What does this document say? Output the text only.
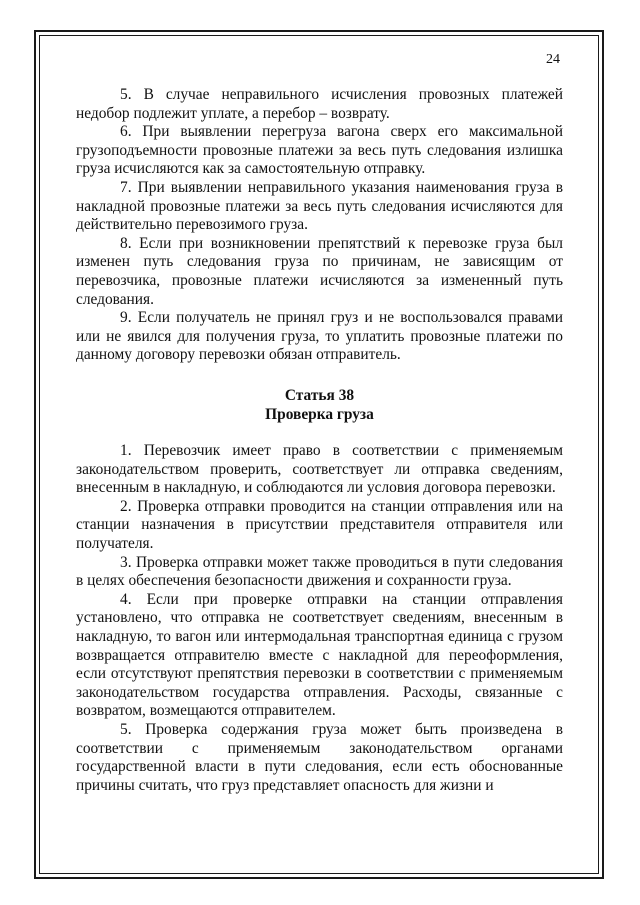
24

5. В случае неправильного исчисления провозных платежей недобор подлежит уплате, а перебор – возврату.

6. При выявлении перегруза вагона сверх его максимальной грузоподъемности провозные платежи за весь путь следования излишка груза исчисляются как за самостоятельную отправку.

7. При выявлении неправильного указания наименования груза в накладной провозные платежи за весь путь следования исчисляются для действительно перевозимого груза.

8. Если при возникновении препятствий к перевозке груза был изменен путь следования груза по причинам, не зависящим от перевозчика, провозные платежи исчисляются за измененный путь следования.

9. Если получатель не принял груз и не воспользовался правами или не явился для получения груза, то уплатить провозные платежи по данному договору перевозки обязан отправитель.

Статья 38

Проверка груза

1. Перевозчик имеет право в соответствии с применяемым законодательством проверить, соответствует ли отправка сведениям, внесенным в накладную, и соблюдаются ли условия договора перевозки.

2. Проверка отправки проводится на станции отправления или на станции назначения в присутствии представителя отправителя или получателя.

3. Проверка отправки может также проводиться в пути следования в целях обеспечения безопасности движения и сохранности груза.

4. Если при проверке отправки на станции отправления установлено, что отправка не соответствует сведениям, внесенным в накладную, то вагон или интермодальная транспортная единица с грузом возвращается отправителю вместе с накладной для переоформления, если отсутствуют препятствия перевозки в соответствии с применяемым законодательством государства отправления. Расходы, связанные с возвратом, возмещаются отправителем.

5. Проверка содержания груза может быть произведена в соответствии с применяемым законодательством органами государственной власти в пути следования, если есть обоснованные причины считать, что груз представляет опасность для жизни и
